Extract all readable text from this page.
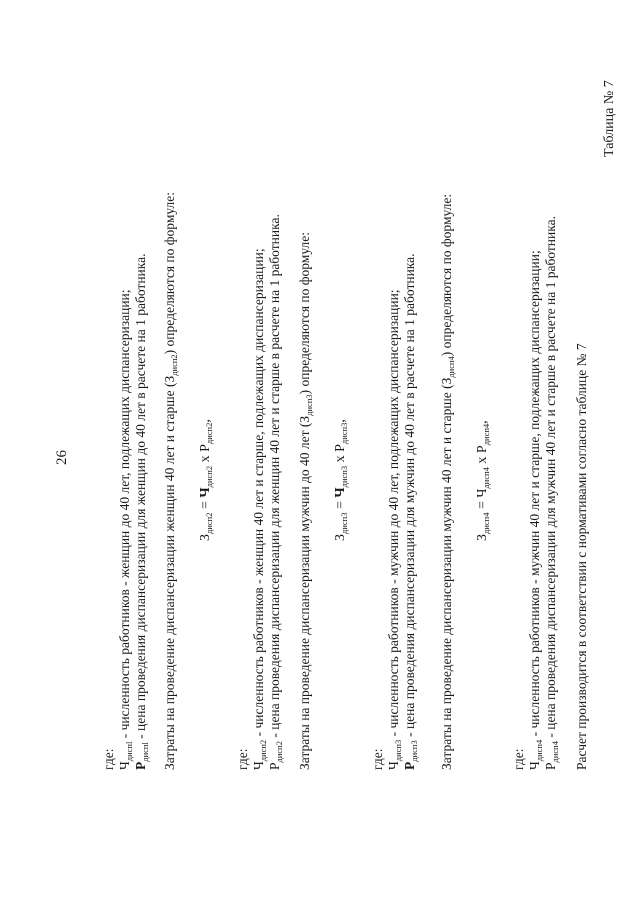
26
Таблица № 7
где: $Ч_{диспl}$ - численность работников - женщин до 40 лет, подлежащих диспансеризации;
$Р_{диспl}$ - цена проведения диспансеризации для женщин до 40 лет в расчете на 1 работника. Затраты на проведение диспансеризации женщин 40 лет и старше $(З_{дисп2})$ определяются по формуле:
$З_{дисп2} = Ч_{дисп2}$ x $Р_{дисп2}$,
где: $Ч_{дисп2}$ - численность работников - женщин 40 лет и старше, подлежащих диспансеризации;
$Р_{дисп2}$ - цена проведения диспансеризации для женщин 40 лет и старше в расчете на 1 работника. Затраты на проведение диспансеризации мужчин до 40 лет $(З_{дисп3})$ определяются по формуле:
$З_{дисп3} = Ч_{дисп3}$ x $Р_{дисп3}$,
где: $Ч_{дисп3}$ - численность работников - мужчин до 40 лет, подлежащих диспансеризации;
$Р_{дисп3}$ - цена проведения диспансеризации для мужчин до 40 лет в расчете на 1 работника. Затраты на проведение диспансеризации мужчин 40 лет и старше $(З_{дисп4})$ определяются по формуле:
$З_{дисп4} = Ч_{дисп4}$ x $Р_{дисп4}$,
где: $Ч_{дисп4}$ - численность работников - мужчин 40 лет и старше, подлежащих диспансеризации;
$Р_{дисп4}$ - цена проведения диспансеризации для мужчин 40 лет и старше в расчете на 1 работника. Расчет производится в соответствии с нормативами согласно таблице № 7
